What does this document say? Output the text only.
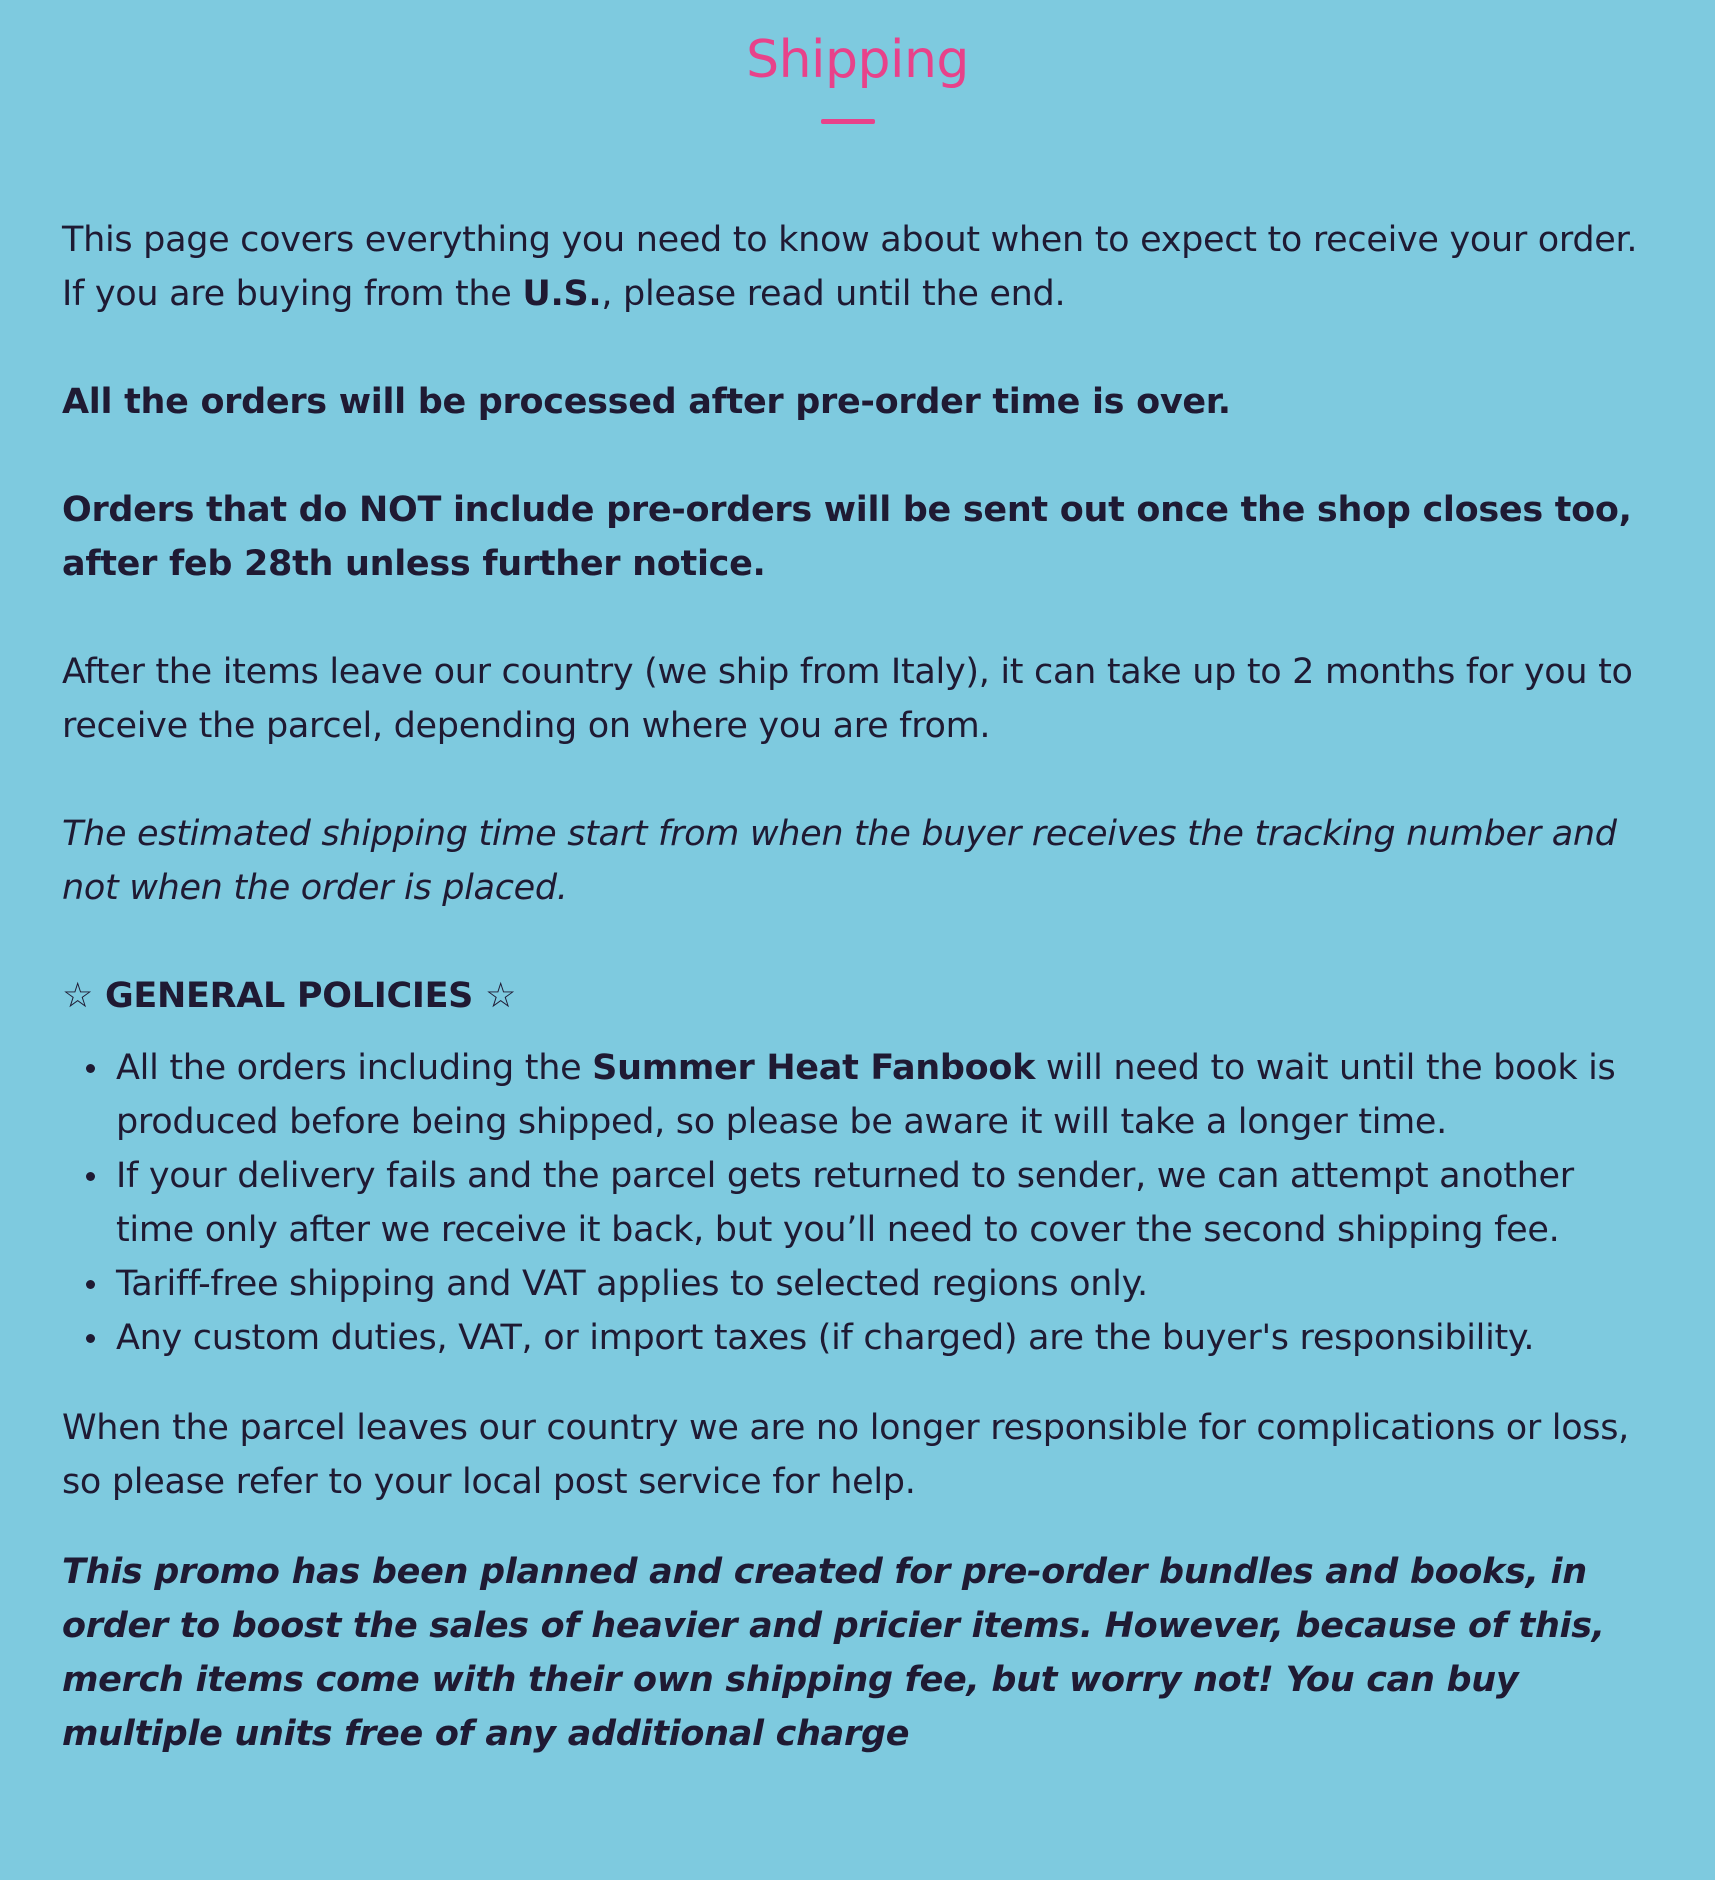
Shipping

This page covers everything you need to know about when to expect to receive your order.
If you are buying from the U.S., please read until the end.

All the orders will be processed after pre-order time is over.

Orders that do NOT include pre-orders will be sent out once the shop closes too, after feb 28th unless further notice.

After the items leave our country (we ship from Italy), it can take up to 2 months for you to receive the parcel, depending on where you are from.

The estimated shipping time start from when the buyer receives the tracking number and not when the order is placed.

☆ GENERAL POLICIES ☆

All the orders including the Summer Heat Fanbook will need to wait until the book is produced before being shipped, so please be aware it will take a longer time.
If your delivery fails and the parcel gets returned to sender, we can attempt another time only after we receive it back, but you’ll need to cover the second shipping fee.
Tariff-free shipping and VAT applies to selected regions only.
Any custom duties, VAT, or import taxes (if charged) are the buyer's responsibility.

When the parcel leaves our country we are no longer responsible for complications or loss, so please refer to your local post service for help.

This promo has been planned and created for pre-order bundles and books, in order to boost the sales of heavier and pricier items. However, because of this, merch items come with their own shipping fee, but worry not! You can buy multiple units free of any additional charge
